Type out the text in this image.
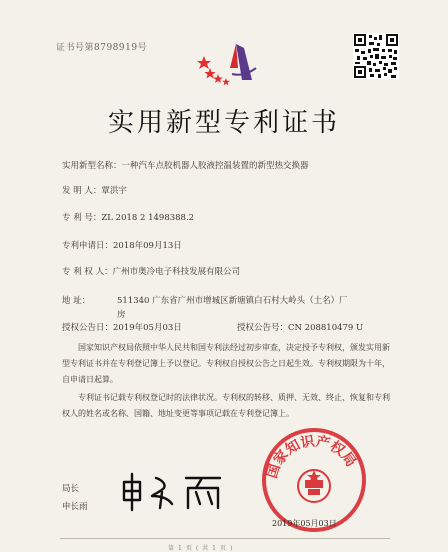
证书号第8798919号
实用新型专利证书
实用新型名称：一种汽车点胶机器人胶液控温装置的新型热交换器
发 明 人：覃洪宇
专 利 号：ZL 2018 2 1498388.2
专利申请日：2018年09月13日
专 利 权 人：广州市奥冷电子科技发展有限公司
地 址：	511340 广东省广州市增城区新塘镇白石村大岭头（土名）厂房
授权公告日：2019年05月03日	授权公告号：CN 208810479 U

国家知识产权局依照中华人民共和国专利法经过初步审查，决定授予专利权，颁发实用新型专利证书并在专利登记簿上予以登记。专利权自授权公告之日起生效。专利权期限为十年，自申请日起算。

专利证书记载专利权登记时的法律状况。专利权的转移、质押、无效、终止、恢复和专利权人的姓名或名称、国籍、地址变更等事项记载在专利登记簿上。

局长
申长雨
国家知识产权局
2019年05月03日
第1页(共1页)
